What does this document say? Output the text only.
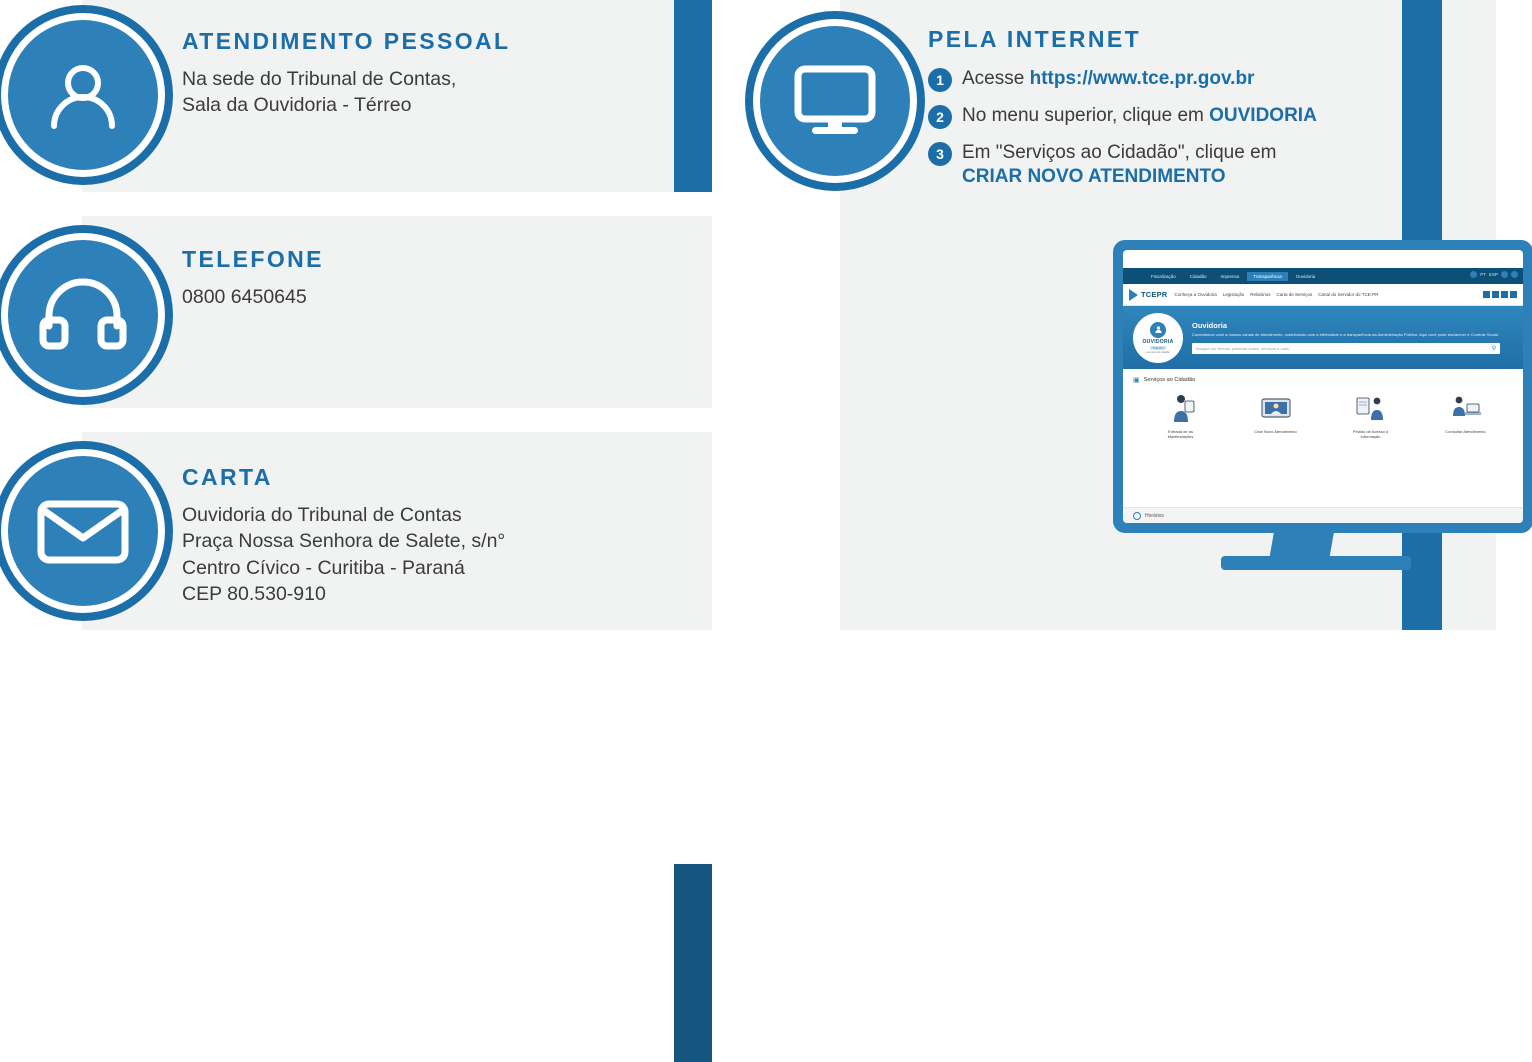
ATENDIMENTO PESSOAL
Na sede do Tribunal de Contas,
Sala da Ouvidoria - Térreo
TELEFONE
0800 6450645
CARTA
Ouvidoria do Tribunal de Contas
Praça Nossa Senhora de Salete, s/n°
Centro Cívico - Curitiba - Paraná
CEP 80.530-910
PELA INTERNET
1 Acesse https://www.tce.pr.gov.br
2 No menu superior, clique em OUVIDORIA
3 Em "Serviços ao Cidadão", clique em
CRIAR NOVO ATENDIMENTO
Fiscalização	Cidadão	Imprensa	Transparência	Ouvidoria	PT ESP
TCEPR Conheça a Ouvidoria Legislação Relatórios Carta de Serviços Canal do Servidor do TCE-PR
OUVIDORIA
TCE-PR
a serviço do cidadão
Ouvidoria
Conectamos você a nossos canais de atendimento, contribuindo com a efetividade e a transparência da Administração Pública. Aqui você pode esclarecer e Controle Social.
Busque por termos, palavras-chave, serviços e mais.	⚲
▣ Serviços ao Cidadão
Entrada de as
Manifestações
Criar Novo Atendimento	Pedido de Acesso a
Informação
Consultar Atendimento
Horários
